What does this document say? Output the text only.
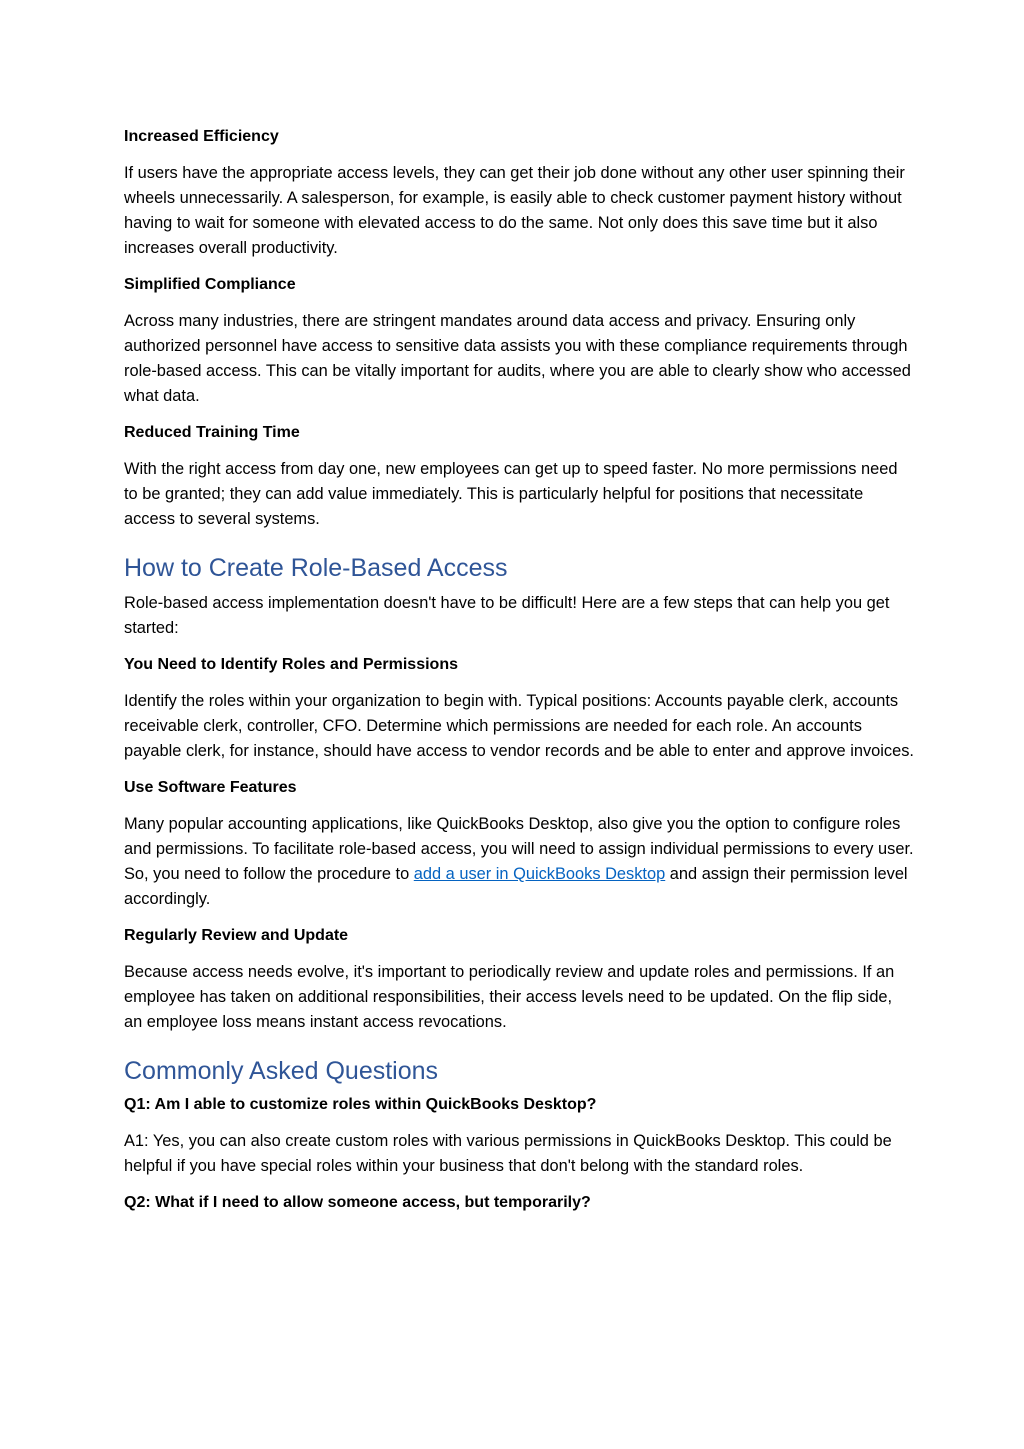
Increased Efficiency

If users have the appropriate access levels, they can get their job done without any other user spinning their wheels unnecessarily. A salesperson, for example, is easily able to check customer payment history without having to wait for someone with elevated access to do the same. Not only does this save time but it also increases overall productivity.

Simplified Compliance

Across many industries, there are stringent mandates around data access and privacy. Ensuring only authorized personnel have access to sensitive data assists you with these compliance requirements through role-based access. This can be vitally important for audits, where you are able to clearly show who accessed what data.

Reduced Training Time

With the right access from day one, new employees can get up to speed faster. No more permissions need to be granted; they can add value immediately. This is particularly helpful for positions that necessitate access to several systems.

How to Create Role-Based Access

Role-based access implementation doesn't have to be difficult! Here are a few steps that can help you get started:

You Need to Identify Roles and Permissions

Identify the roles within your organization to begin with. Typical positions: Accounts payable clerk, accounts receivable clerk, controller, CFO. Determine which permissions are needed for each role. An accounts payable clerk, for instance, should have access to vendor records and be able to enter and approve invoices.

Use Software Features

Many popular accounting applications, like QuickBooks Desktop, also give you the option to configure roles and permissions. To facilitate role-based access, you will need to assign individual permissions to every user. So, you need to follow the procedure to add a user in QuickBooks Desktop and assign their permission level accordingly.

Regularly Review and Update

Because access needs evolve, it's important to periodically review and update roles and permissions. If an employee has taken on additional responsibilities, their access levels need to be updated. On the flip side, an employee loss means instant access revocations.

Commonly Asked Questions
Q1: Am I able to customize roles within QuickBooks Desktop?

A1: Yes, you can also create custom roles with various permissions in QuickBooks Desktop. This could be helpful if you have special roles within your business that don't belong with the standard roles.

Q2: What if I need to allow someone access, but temporarily?
